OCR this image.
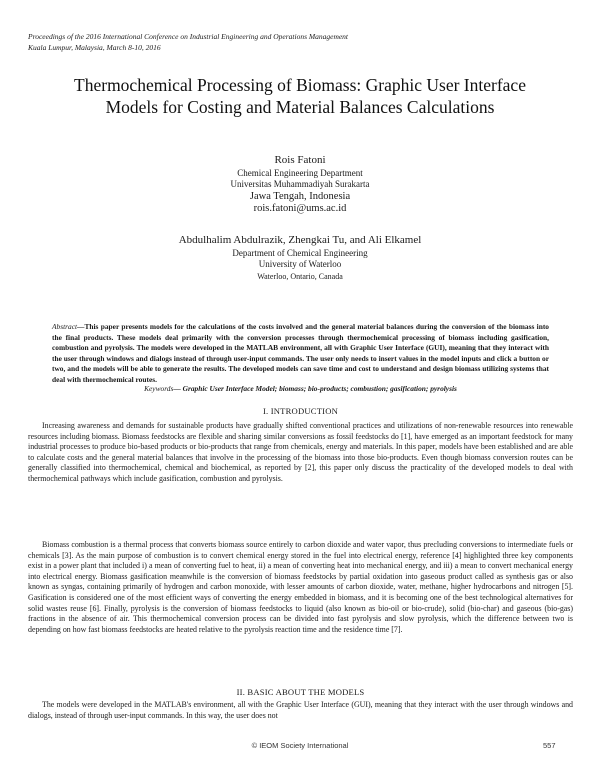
Proceedings of the 2016 International Conference on Industrial Engineering and Operations Management
Kuala Lumpur, Malaysia, March 8-10, 2016
Thermochemical Processing of Biomass: Graphic User Interface Models for Costing and Material Balances Calculations
Rois Fatoni
Chemical Engineering Department
Universitas Muhammadiyah Surakarta
Jawa Tengah, Indonesia
rois.fatoni@ums.ac.id
Abdulhalim Abdulrazik, Zhengkai Tu, and Ali Elkamel
Department of Chemical Engineering
University of Waterloo
Waterloo, Ontario, Canada
Abstract—This paper presents models for the calculations of the costs involved and the general material balances during the conversion of the biomass into the final products. These models deal primarily with the conversion processes through thermochemical processing of biomass including gasification, combustion and pyrolysis. The models were developed in the MATLAB environment, all with Graphic User Interface (GUI), meaning that they interact with the user through windows and dialogs instead of through user-input commands. The user only needs to insert values in the model inputs and click a button or two, and the models will be able to generate the results. The developed models can save time and cost to understand and design biomass utilizing systems that deal with thermochemical routes.
Keywords— Graphic User Interface Model; biomass; bio-products; combustion; gasification; pyrolysis
I. INTRODUCTION
Increasing awareness and demands for sustainable products have gradually shifted conventional practices and utilizations of non-renewable resources into renewable resources including biomass. Biomass feedstocks are flexible and sharing similar conversions as fossil feedstocks do [1], have emerged as an important feedstock for many industrial processes to produce bio-based products or bio-products that range from chemicals, energy and materials. In this paper, models have been established and are able to calculate costs and the general material balances that involve in the processing of the biomass into those bio-products. Even though biomass conversion routes can be generally classified into thermochemical, chemical and biochemical, as reported by [2], this paper only discuss the practicality of the developed models to deal with thermochemical pathways which include gasification, combustion and pyrolysis.
Biomass combustion is a thermal process that converts biomass source entirely to carbon dioxide and water vapor, thus precluding conversions to intermediate fuels or chemicals [3]. As the main purpose of combustion is to convert chemical energy stored in the fuel into electrical energy, reference [4] highlighted three key components exist in a power plant that included i) a mean of converting fuel to heat, ii) a mean of converting heat into mechanical energy, and iii) a mean to convert mechanical energy into electrical energy. Biomass gasification meanwhile is the conversion of biomass feedstocks by partial oxidation into gaseous product called as synthesis gas or also known as syngas, containing primarily of hydrogen and carbon monoxide, with lesser amounts of carbon dioxide, water, methane, higher hydrocarbons and nitrogen [5]. Gasification is considered one of the most efficient ways of converting the energy embedded in biomass, and it is becoming one of the best technological alternatives for solid wastes reuse [6]. Finally, pyrolysis is the conversion of biomass feedstocks to liquid (also known as bio-oil or bio-crude), solid (bio-char) and gaseous (bio-gas) fractions in the absence of air. This thermochemical conversion process can be divided into fast pyrolysis and slow pyrolysis, which the difference between two is depending on how fast biomass feedstocks are heated relative to the pyrolysis reaction time and the residence time [7].
II. BASIC ABOUT THE MODELS
The models were developed in the MATLAB's environment, all with the Graphic User Interface (GUI), meaning that they interact with the user through windows and dialogs, instead of through user-input commands. In this way, the user does not
© IEOM Society International	557
